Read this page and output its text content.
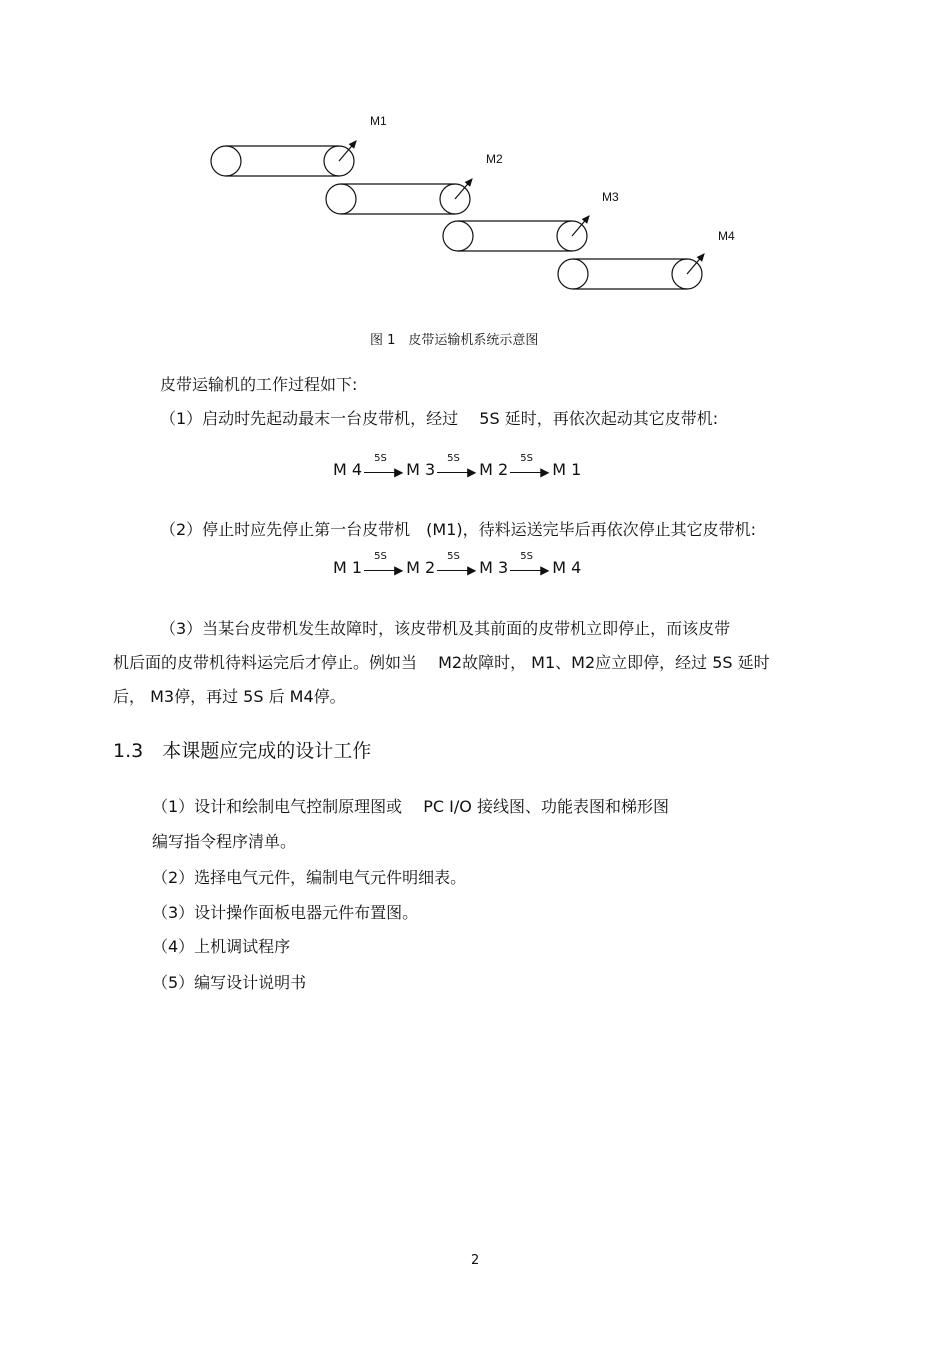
M1
M2
M3
M4
图 1　皮带运输机系统示意图
皮带运输机的工作过程如下:
（1）启动时先起动最末一台皮带机，经过　 5S 延时，再依次起动其它皮带机:
M 4
5S
▶ M 3
5S
▶ M 2
5S
▶ M 1
（2）停止时应先停止第一台皮带机　(M1)，待料运送完毕后再依次停止其它皮带机:
M 1
5S
▶ M 2
5S
▶ M 3
5S
▶ M 4
（3）当某台皮带机发生故障时，该皮带机及其前面的皮带机立即停止，而该皮带
机后面的皮带机待料运完后才停止。例如当　 M2故障时， M1、M2应立即停，经过 5S 延时
后， M3停，再过 5S 后 M4停。
1.3　本课题应完成的设计工作
（1）设计和绘制电气控制原理图或　 PC I/O 接线图、功能表图和梯形图
编写指令程序清单。
（2）选择电气元件，编制电气元件明细表。
（3）设计操作面板电器元件布置图。
（4）上机调试程序
（5）编写设计说明书
2
